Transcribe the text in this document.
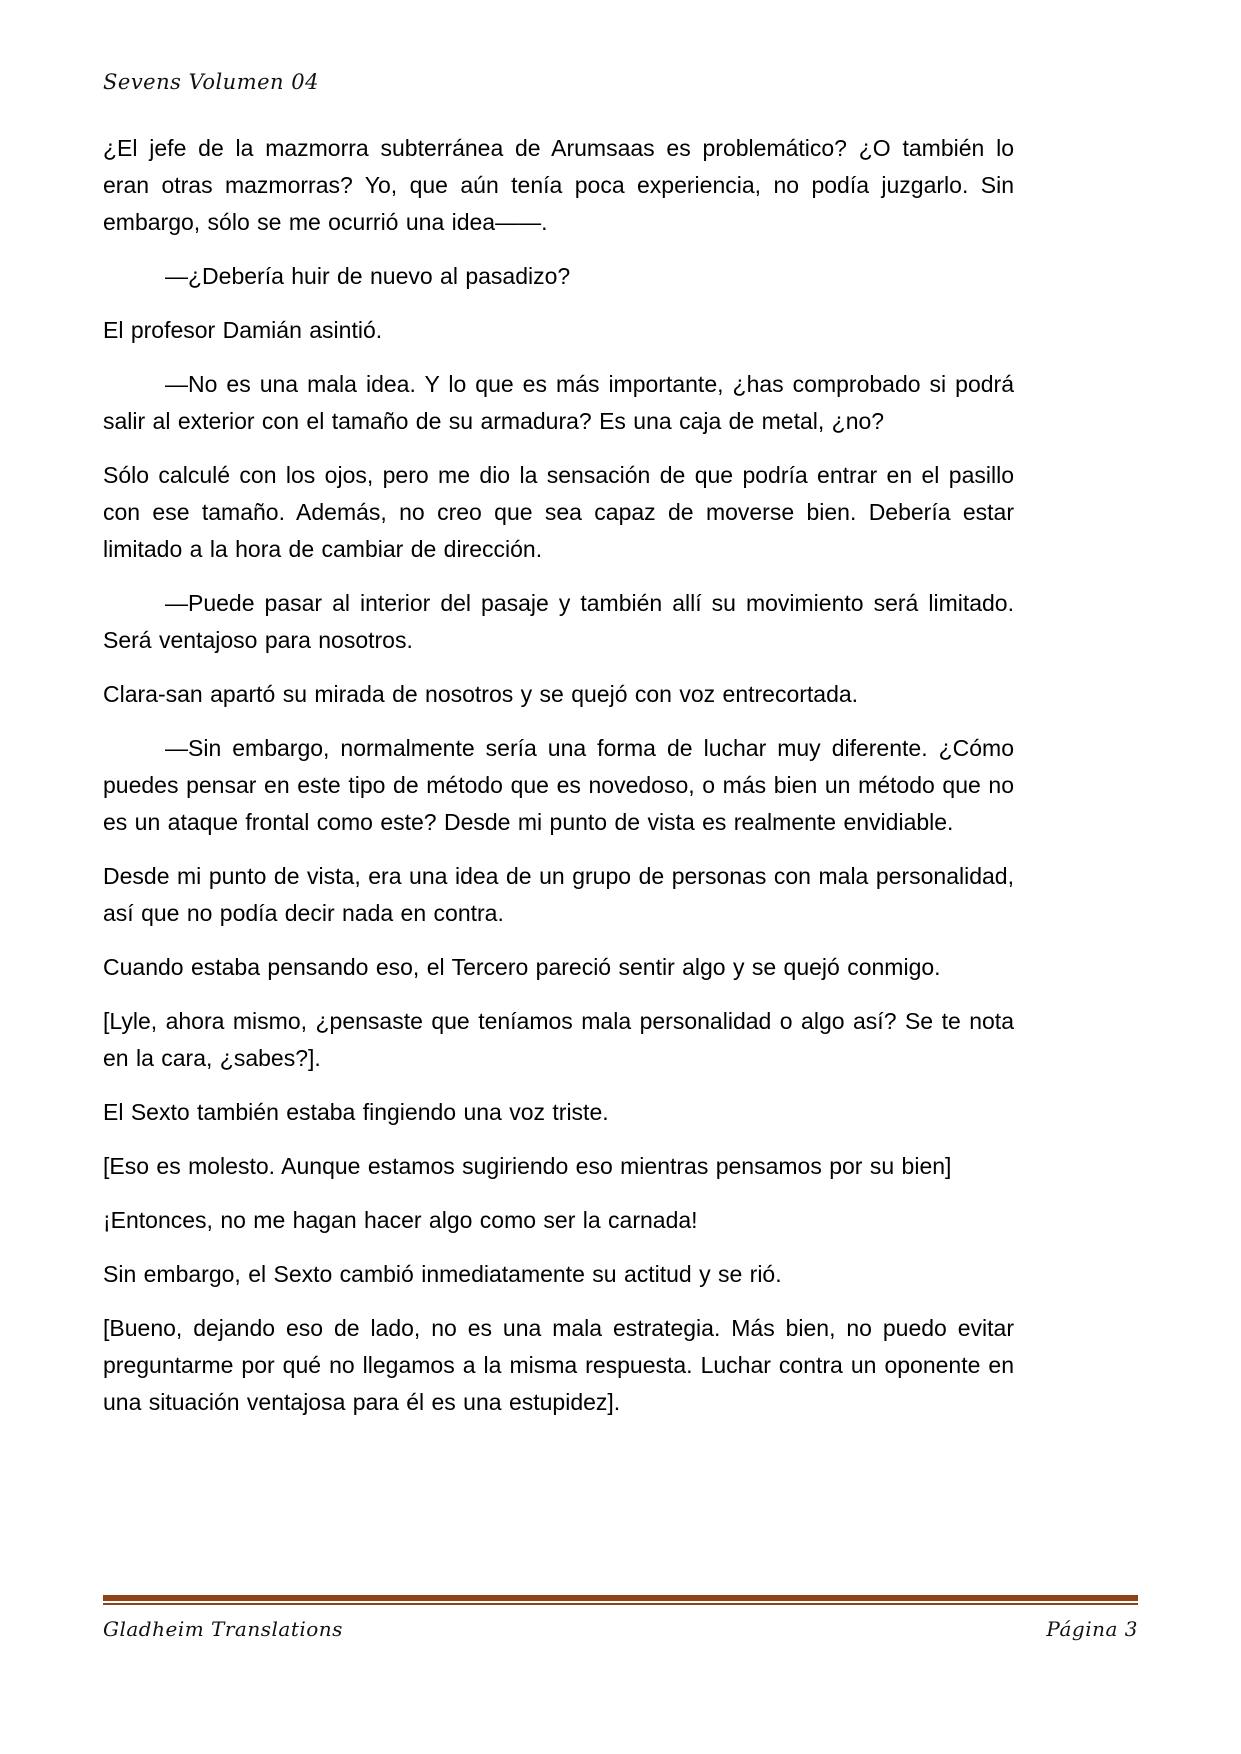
Sevens Volumen 04

¿El jefe de la mazmorra subterránea de Arumsaas es problemático? ¿O también lo eran otras mazmorras? Yo, que aún tenía poca experiencia, no podía juzgarlo. Sin embargo, sólo se me ocurrió una idea——.

—¿Debería huir de nuevo al pasadizo?

El profesor Damián asintió.

—No es una mala idea. Y lo que es más importante, ¿has comprobado si podrá salir al exterior con el tamaño de su armadura? Es una caja de metal, ¿no?

Sólo calculé con los ojos, pero me dio la sensación de que podría entrar en el pasillo con ese tamaño. Además, no creo que sea capaz de moverse bien. Debería estar limitado a la hora de cambiar de dirección.

—Puede pasar al interior del pasaje y también allí su movimiento será limitado. Será ventajoso para nosotros.

Clara-san apartó su mirada de nosotros y se quejó con voz entrecortada.

—Sin embargo, normalmente sería una forma de luchar muy diferente. ¿Cómo puedes pensar en este tipo de método que es novedoso, o más bien un método que no es un ataque frontal como este? Desde mi punto de vista es realmente envidiable.

Desde mi punto de vista, era una idea de un grupo de personas con mala personalidad, así que no podía decir nada en contra.

Cuando estaba pensando eso, el Tercero pareció sentir algo y se quejó conmigo.

[Lyle, ahora mismo, ¿pensaste que teníamos mala personalidad o algo así? Se te nota en la cara, ¿sabes?].

El Sexto también estaba fingiendo una voz triste.

[Eso es molesto. Aunque estamos sugiriendo eso mientras pensamos por su bien]

¡Entonces, no me hagan hacer algo como ser la carnada!

Sin embargo, el Sexto cambió inmediatamente su actitud y se rió.

[Bueno, dejando eso de lado, no es una mala estrategia. Más bien, no puedo evitar preguntarme por qué no llegamos a la misma respuesta. Luchar contra un oponente en una situación ventajosa para él es una estupidez].

Gladheim Translations	Página 3
